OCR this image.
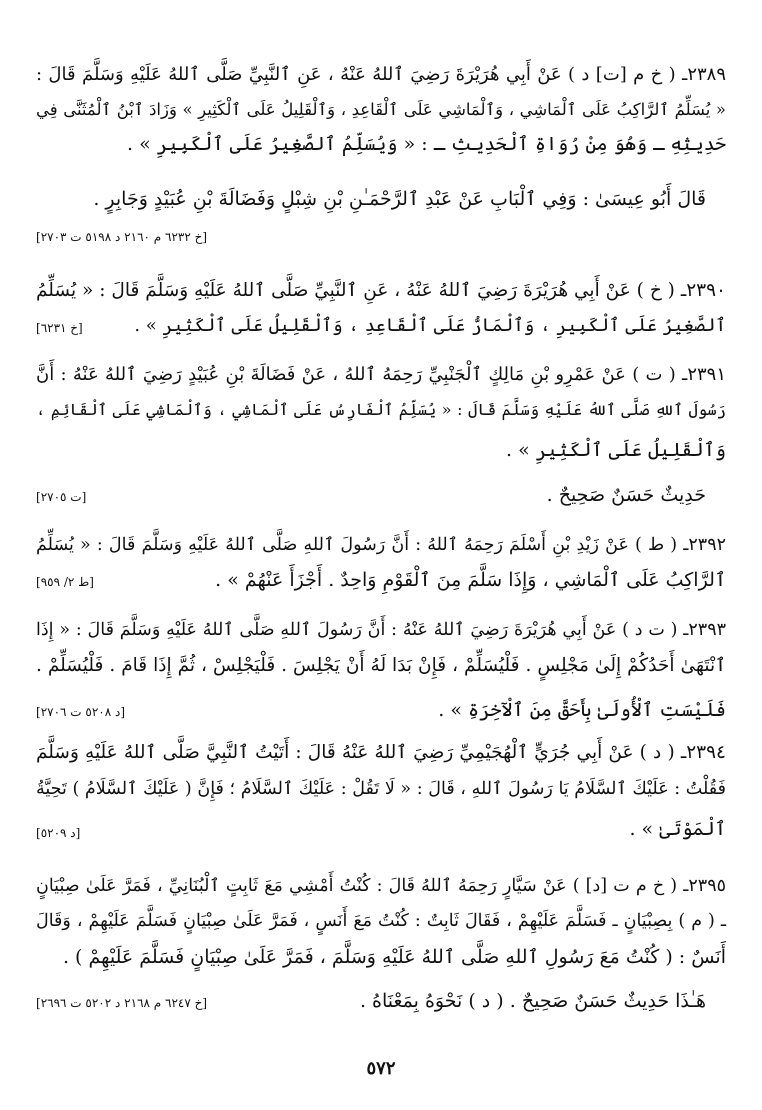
٢٣٨٩ـ ( خ م [ت] د ) عَنْ أَبِي هُرَيْرَةَ رَضِيَ ٱللهُ عَنْهُ ، عَنِ ٱلنَّبِيِّ صَلَّى ٱللهُ عَلَيْهِ وَسَلَّمَ قَالَ :
« يُسَلِّمُ ٱلرَّاكِبُ عَلَى ٱلْمَاشِي ، وَٱلْمَاشِي عَلَى ٱلْقَاعِدِ ، وَٱلْقَلِيلُ عَلَى ٱلْكَثِيرِ » وَزَادَ ٱبْنُ ٱلْمُثَنَّى فِي
حَدِيثِهِ ـ وَهُوَ مِنْ رُوَاةِ ٱلْحَدِيثِ ـ : « وَيُسَلِّمُ ٱلصَّغِيرُ عَلَى ٱلْكَبِيرِ » .
قَالَ أَبُو عِيسَىٰ : وَفِي ٱلْبَابِ عَنْ عَبْدِ ٱلرَّحْمَـٰنِ بْنِ شِبْلٍ وَفَضَالَةَ بْنِ عُبَيْدٍ وَجَابِرٍ .
[خ ٦٢٣٢ م ٢١٦٠ د ٥١٩٨ ت ٢٧٠٣]
٢٣٩٠ـ ( خ ) عَنْ أَبِي هُرَيْرَةَ رَضِيَ ٱللهُ عَنْهُ ، عَنِ ٱلنَّبِيِّ صَلَّى ٱللهُ عَلَيْهِ وَسَلَّمَ قَالَ : « يُسَلِّمُ
ٱلصَّغِيرُ عَلَى ٱلْكَبِيرِ ، وَٱلْمَارُّ عَلَى ٱلْقَاعِدِ ، وَٱلْقَلِيلُ عَلَى ٱلْكَثِيرِ » .
[خ ٦٢٣١]
٢٣٩١ـ ( ت ) عَنْ عَمْرِو بْنِ مَالِكٍ ٱلْجَنْبِيِّ رَحِمَهُ ٱللهُ ، عَنْ فَضَالَةَ بْنِ عُبَيْدٍ رَضِيَ ٱللهُ عَنْهُ : أَنَّ
رَسُولَ ٱللهِ صَلَّى ٱللهُ عَلَيْهِ وَسَلَّمَ قَالَ : « يُسَلِّمُ ٱلْفَارِسُ عَلَى ٱلْمَاشِي ، وَٱلْمَاشِي عَلَى ٱلْقَائِمِ ،
وَٱلْقَلِيلُ عَلَى ٱلْكَثِيرِ » .
حَدِيثٌ حَسَنٌ صَحِيحٌ .
[ت ٢٧٠٥]
٢٣٩٢ـ ( ط ) عَنْ زَيْدِ بْنِ أَسْلَمَ رَحِمَهُ ٱللهُ : أَنَّ رَسُولَ ٱللهِ صَلَّى ٱللهُ عَلَيْهِ وَسَلَّمَ قَالَ : « يُسَلِّمُ
ٱلرَّاكِبُ عَلَى ٱلْمَاشِي ، وَإِذَا سَلَّمَ مِنَ ٱلْقَوْمِ وَاحِدٌ . أَجْزَأَ عَنْهُمْ » .
[ط ٢/ ٩٥٩]
٢٣٩٣ـ ( ت د ) عَنْ أَبِي هُرَيْرَةَ رَضِيَ ٱللهُ عَنْهُ : أَنَّ رَسُولَ ٱللهِ صَلَّى ٱللهُ عَلَيْهِ وَسَلَّمَ قَالَ : « إِذَا
ٱنْتَهَىٰ أَحَدُكُمْ إِلَىٰ مَجْلِسٍ . فَلْيُسَلِّمْ ، فَإِنْ بَدَا لَهُ أَنْ يَجْلِسَ . فَلْيَجْلِسْ ، ثُمَّ إِذَا قَامَ . فَلْيُسَلِّمْ .
فَلَيْسَتِ ٱلْأُولَىٰ بِأَحَقَّ مِنَ ٱلْآخِرَةِ » .
[د ٥٢٠٨ ت ٢٧٠٦]
٢٣٩٤ـ ( د ) عَنْ أَبِي جُرَيٍّ ٱلْهُجَيْمِيِّ رَضِيَ ٱللهُ عَنْهُ قَالَ : أَتَيْتُ ٱلنَّبِيَّ صَلَّى ٱللهُ عَلَيْهِ وَسَلَّمَ
فَقُلْتُ : عَلَيْكَ ٱلسَّلَامُ يَا رَسُولَ ٱللهِ ، قَالَ : « لَا تَقُلْ : عَلَيْكَ ٱلسَّلَامُ ؛ فَإِنَّ ( عَلَيْكَ ٱلسَّلَامُ ) تَحِيَّةُ
ٱلْمَوْتَىٰ » .
[د ٥٢٠٩]
٢٣٩٥ـ ( خ م ت [د] ) عَنْ سَيَّارٍ رَحِمَهُ ٱللهُ قَالَ : كُنْتُ أَمْشِي مَعَ ثَابِتٍ ٱلْبُنَانِيِّ ، فَمَرَّ عَلَىٰ صِبْيَانٍ
ـ ( م ) بِصِبْيَانٍ ـ فَسَلَّمَ عَلَيْهِمْ ، فَقَالَ ثَابِتٌ : كُنْتُ مَعَ أَنَسٍ ، فَمَرَّ عَلَىٰ صِبْيَانٍ فَسَلَّمَ عَلَيْهِمْ ، وَقَالَ
أَنَسٌ : ( كُنْتُ مَعَ رَسُولِ ٱللهِ صَلَّى ٱللهُ عَلَيْهِ وَسَلَّمَ ، فَمَرَّ عَلَىٰ صِبْيَانٍ فَسَلَّمَ عَلَيْهِمْ ) .
هَـٰذَا حَدِيثٌ حَسَنٌ صَحِيحٌ . ( د ) نَحْوَهُ بِمَعْنَاهُ .
[خ ٦٢٤٧ م ٢١٦٨ د ٥٢٠٢ ت ٢٦٩٦]
٥٧٢
